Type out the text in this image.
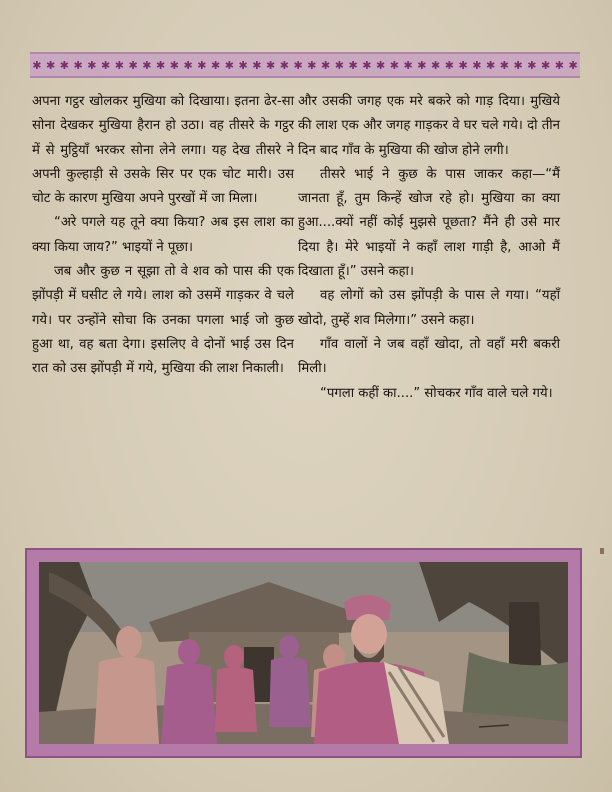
✱ ✱ ✱ ✱ ✱ ✱ ✱ ✱ ✱ ✱ ✱ ✱ ✱ ✱ ✱ ✱ ✱ ✱ ✱ ✱ ✱ ✱ ✱ ✱ ✱ ✱ ✱ ✱ ✱ ✱ ✱ ✱ ✱ ✱ ✱ ✱ ✱ ✱ ✱ ✱

अपना गट्ठर खोलकर मुखिया को दिखाया। इतना ढेर-सा सोना देखकर मुखिया हैरान हो उठा। वह तीसरे के गट्ठर में से मुट्ठियाँ भरकर सोना लेने लगा। यह देख तीसरे ने अपनी कुल्हाड़ी से उसके सिर पर एक चोट मारी। उस चोट के कारण मुखिया अपने पुरखों में जा मिला।

“अरे पगले यह तूने क्या किया? अब इस लाश का क्या किया जाय?” भाइयों ने पूछा।

जब और कुछ न सूझा तो वे शव को पास की एक झोंपड़ी में घसीट ले गये। लाश को उसमें गाड़कर वे चले गये। पर उन्होंने सोचा कि उनका पगला भाई जो कुछ हुआ था, वह बता देगा। इसलिए वे दोनों भाई उस दिन रात को उस झोंपड़ी में गये, मुखिया की लाश निकाली।

और उसकी जगह एक मरे बकरे को गाड़ दिया। मुखिये की लाश एक और जगह गाड़कर वे घर चले गये। दो तीन दिन बाद गाँव के मुखिया की खोज होने लगी।

तीसरे भाई ने कुछ के पास जाकर कहा—“मैं जानता हूँ, तुम किन्हें खोज रहे हो। मुखिया का क्या हुआ....क्यों नहीं कोई मुझसे पूछता? मैंने ही उसे मार दिया है। मेरे भाइयों ने कहाँ लाश गाड़ी है, आओ मैं दिखाता हूँ।” उसने कहा।

वह लोगों को उस झोंपड़ी के पास ले गया। “यहाँ खोदो, तुम्हें शव मिलेगा।” उसने कहा।

गाँव वालों ने जब वहाँ खोदा, तो वहाँ मरी बकरी मिली।

“पगला कहीं का....” सोचकर गाँव वाले चले गये।
